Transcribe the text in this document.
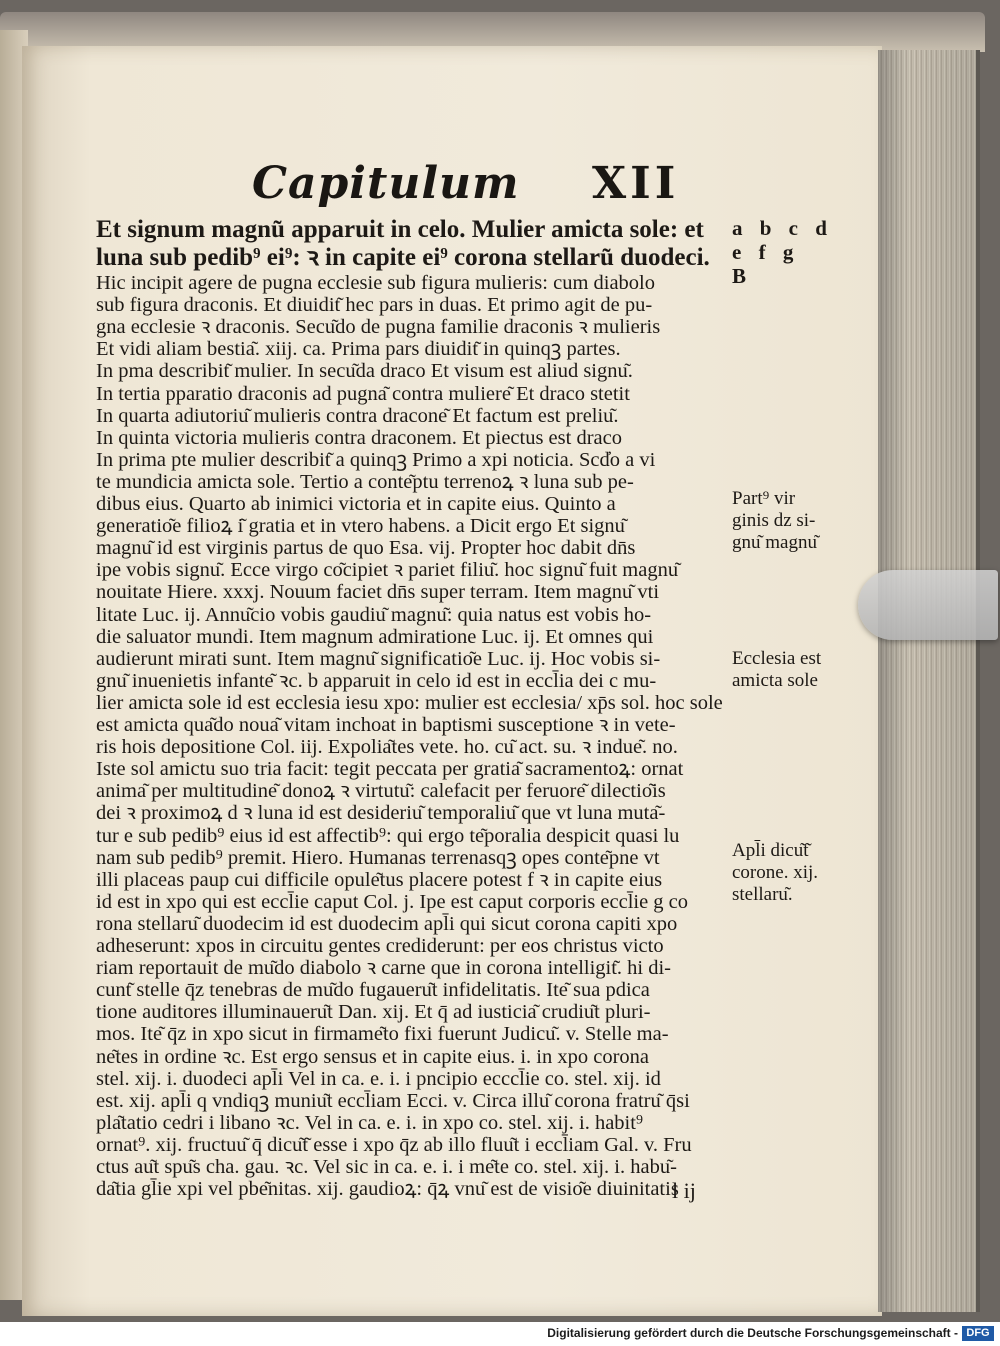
Capitulum XII
Et signum magnu͂ apparuit in celo. Mulier amicta sole: et
luna sub pedib⁹ ei⁹: ꝛ in capite ei⁹ corona stellaru͂ duodeci.
Hic incipit agere de pugna ecclesie sub figura mulieris: cum diabolo
sub figura draconis. Et diuidit͂ hec pars in duas. Et primo agit de pu-
gna ecclesie ꝛ draconis. Secu͂do de pugna familie draconis ꝛ mulieris
Et vidi aliam bestia͂. xiij. ca. Prima pars diuidit͂ in quinqꝫ partes.
In pma describit͂ mulier. In secu͂da draco Et visum est aliud signu͂.
In tertia pparatio draconis ad pugna͂ contra muliere͂ Et draco stetit
In quarta adiutoriu͂ mulieris contra dracone͂ Et factum est preliu͂.
In quinta victoria mulieris contra draconem. Et piectus est draco
In prima pte mulier describit͂ a quinqꝫ Primo a xpi noticia. Scd̓o a vi
te mundicia amicta sole. Tertio a conte͂ptu terrenoꝝ ꝛ luna sub pe-
dibus eius. Quarto ab inimici victoria et in capite eius. Quinto a
generatio͂e filioꝝ i͂ gratia et in vtero habens. a Dicit ergo Et signu͂
magnu͂ id est virginis partus de quo Esa. vij. Propter hoc dabit dn̄s
ipe vobis signu͂. Ecce virgo co͂cipiet ꝛ pariet filiu͂. hoc signu͂ fuit magnu͂
nouitate Hiere. xxxj. Nouum faciet dn̄s super terram. Item magnu͂ vti
litate Luc. ij. Annu͂cio vobis gaudiu͂ magnu͂: quia natus est vobis ho-
die saluator mundi. Item magnum admiratione Luc. ij. Et omnes qui
audierunt mirati sunt. Item magnu͂ significatio͂e Luc. ij. Hoc vobis si-
gnu͂ inuenietis infante͂ ꝛc. b apparuit in celo id est in eccl̄ia dei c mu-
lier amicta sole id est ecclesia iesu xpo: mulier est ecclesia/ xp̄s sol. hoc sole
est amicta qua͂do noua͂ vitam inchoat in baptismi susceptione ꝛ in vete-
ris hois depositione Col. iij. Expolia͂tes vete. ho. cu͂ act. su. ꝛ indue͂. no.
Iste sol amictu suo tria facit: tegit peccata per gratia͂ sacramentoꝝ: ornat
anima͂ per multitudine͂ donoꝝ ꝛ virtutu͂: calefacit per feruore͂ dilectio͂is
dei ꝛ proximoꝝ d ꝛ luna id est desideriu͂ temporaliu͂ que vt luna muta͂-
tur e sub pedib⁹ eius id est affectib⁹: qui ergo te͂poralia despicit quasi lu
nam sub pedib⁹ premit. Hiero. Humanas terrenasqꝫ opes conte͂pne vt
illi placeas paup cui difficile opule͂tus placere potest f ꝛ in capite eius
id est in xpo qui est eccl̄ie caput Col. j. Ipe est caput corporis eccl̄ie g co
rona stellaru͂ duodecim id est duodecim apl̄i qui sicut corona capiti xpo
adheserunt: xpos in circuitu gentes crediderunt: per eos christus victo
riam reportauit de mu͂do diabolo ꝛ carne que in corona intelligit͂. hi di-
cunt͂ stelle q̄z tenebras de mu͂do fugaueru͂t infidelitatis. Ite͂ sua pdica
tione auditores illuminaueru͂t Dan. xij. Et q̄ ad iusticia͂ crudiu͂t pluri-
mos. Ite͂ q̄z in xpo sicut in firmame͂to fixi fuerunt Judicu͂. v. Stelle ma-
ne͂tes in ordine ꝛc. Est ergo sensus et in capite eius. i. in xpo corona
stel. xij. i. duodeci apl̄i Vel in ca. e. i. i pncipio ecccl̄ie co. stel. xij. id
est. xij. apl̄i q vndiqꝫ muniu͂t eccl̄iam Ecci. v. Circa illu͂ corona fratru͂ q̄si
pla͂tatio cedri i libano ꝛc. Vel in ca. e. i. in xpo co. stel. xij. i. habit⁹
ornat⁹. xij. fructuu͂ q̄ dicu͂t͂ esse i xpo q̄z ab illo fluu͂t i eccl̄iam Gal. v. Fru
ctus au͂t spu͂s cha. gau. ꝛc. Vel sic in ca. e. i. i me͂te co. stel. xij. i. habu͂-
da͂tia gl̄ie xpi vel pbe͂nitas. xij. gaudioꝝ: q̄ꝝ vnu͂ est de visio͂e diuinitatis
a b c d
e f g
B
Part⁹ vir
ginis dz si-
gnu͂ magnu͂
Ecclesia est
amicta sole
Apl̄i dicu͂t͂
corone. xij.
stellaru͂.
l ij
Digitalisierung gefördert durch die Deutsche Forschungsgemeinschaft - DFG
